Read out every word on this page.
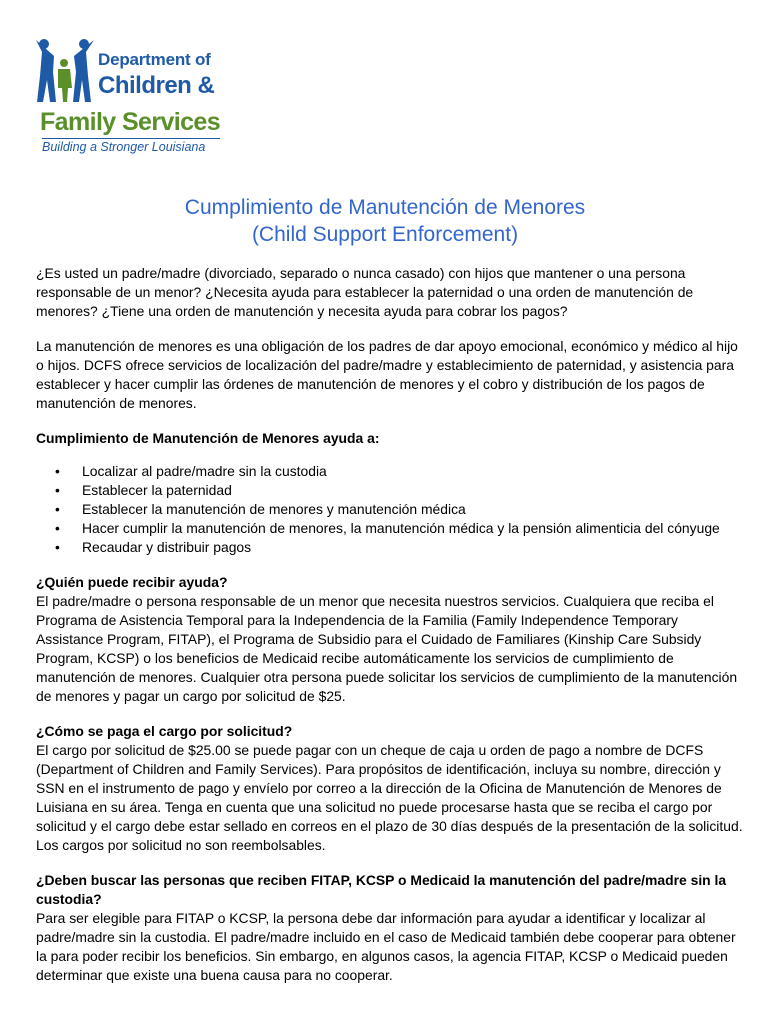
Department of
Children &
Family Services
Building a Stronger Louisiana
Cumplimiento de Manutención de Menores
(Child Support Enforcement)

¿Es usted un padre/madre (divorciado, separado o nunca casado) con hijos que mantener o una persona responsable de un menor? ¿Necesita ayuda para establecer la paternidad o una orden de manutención de menores? ¿Tiene una orden de manutención y necesita ayuda para cobrar los pagos?

La manutención de menores es una obligación de los padres de dar apoyo emocional, económico y médico al hijo o hijos. DCFS ofrece servicios de localización del padre/madre y establecimiento de paternidad, y asistencia para establecer y hacer cumplir las órdenes de manutención de menores y el cobro y distribución de los pagos de manutención de menores.

Cumplimiento de Manutención de Menores ayuda a:

• Localizar al padre/madre sin la custodia
• Establecer la paternidad
• Establecer la manutención de menores y manutención médica
• Hacer cumplir la manutención de menores, la manutención médica y la pensión alimenticia del cónyuge
• Recaudar y distribuir pagos

¿Quién puede recibir ayuda?

El padre/madre o persona responsable de un menor que necesita nuestros servicios. Cualquiera que reciba el Programa de Asistencia Temporal para la Independencia de la Familia (Family Independence Temporary Assistance Program, FITAP), el Programa de Subsidio para el Cuidado de Familiares (Kinship Care Subsidy Program, KCSP) o los beneficios de Medicaid recibe automáticamente los servicios de cumplimiento de manutención de menores. Cualquier otra persona puede solicitar los servicios de cumplimiento de la manutención de menores y pagar un cargo por solicitud de $25.

¿Cómo se paga el cargo por solicitud?

El cargo por solicitud de $25.00 se puede pagar con un cheque de caja u orden de pago a nombre de DCFS (Department of Children and Family Services). Para propósitos de identificación, incluya su nombre, dirección y SSN en el instrumento de pago y envíelo por correo a la dirección de la Oficina de Manutención de Menores de Luisiana en su área. Tenga en cuenta que una solicitud no puede procesarse hasta que se reciba el cargo por solicitud y el cargo debe estar sellado en correos en el plazo de 30 días después de la presentación de la solicitud. Los cargos por solicitud no son reembolsables.

¿Deben buscar las personas que reciben FITAP, KCSP o Medicaid la manutención del padre/madre sin la custodia?

Para ser elegible para FITAP o KCSP, la persona debe dar información para ayudar a identificar y localizar al padre/madre sin la custodia. El padre/madre incluido en el caso de Medicaid también debe cooperar para obtener la para poder recibir los beneficios. Sin embargo, en algunos casos, la agencia FITAP, KCSP o Medicaid pueden determinar que existe una buena causa para no cooperar.
